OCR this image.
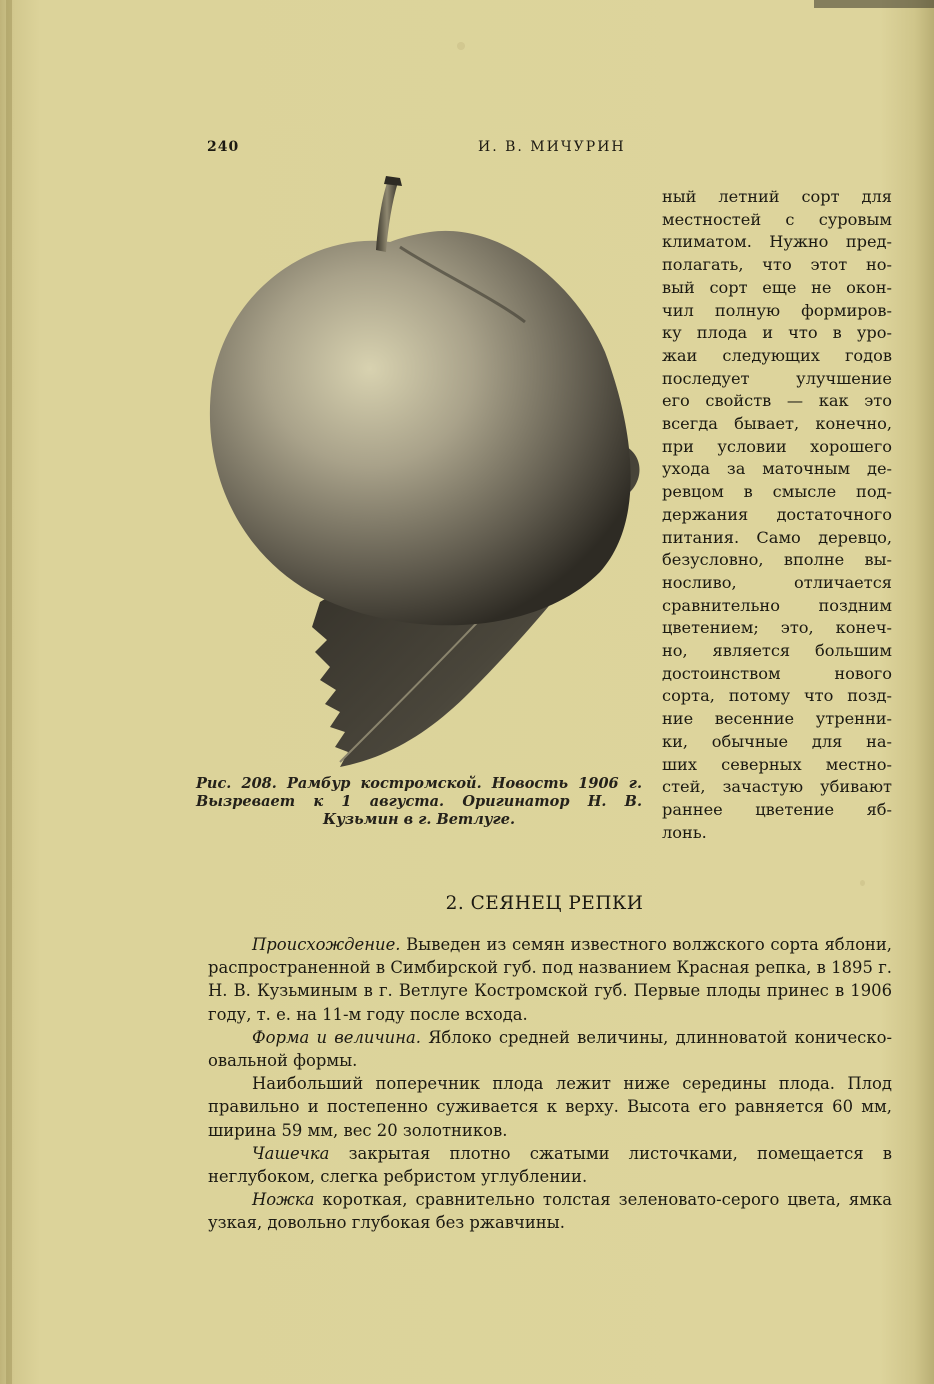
240	И. В. МИЧУРИН
Рис. 208. Рамбур костромской. Новость 1906 г. Вызревает к 1 августа. Оригинатор Н. В. Кузьмин в г. Ветлуге.
ный летний сорт для
местностей с суровым
климатом. Нужно пред-
полагать, что этот но-
вый сорт еще не окон-
чил полную формиров-
ку плода и что в уро-
жаи следующих годов
последует улучшение
его свойств — как это
всегда бывает, конечно,
при условии хорошего
ухода за маточным де-
ревцом в смысле под-
держания достаточного
питания. Само деревцо,
безусловно, вполне вы-
носливо, отличается
сравнительно поздним
цветением; это, конеч-
но, является большим
достоинством нового
сорта, потому что позд-
ние весенние утренни-
ки, обычные для на-
ших северных местно-
стей, зачастую убивают
раннее цветение яб-
лонь.
2. СЕЯНЕЦ РЕПКИ

Происхождение. Выведен из семян известного волжского сорта яблони, распространенной в Симбирской губ. под названием Красная репка, в 1895 г. Н. В. Кузьминым в г. Ветлуге Костромской губ. Первые плоды принес в 1906 году, т. е. на 11-м году после всхода.

Форма и величина. Яблоко средней величины, длинноватой коническо-овальной формы.

Наибольший поперечник плода лежит ниже середины плода. Плод правильно и постепенно суживается к верху. Высота его равняется 60 мм, ширина 59 мм, вес 20 золотников.

Чашечка закрытая плотно сжатыми листочками, помещается в неглубоком, слегка ребристом углублении.

Ножка короткая, сравнительно толстая зеленовато-серого цвета, ямка узкая, довольно глубокая без ржавчины.
